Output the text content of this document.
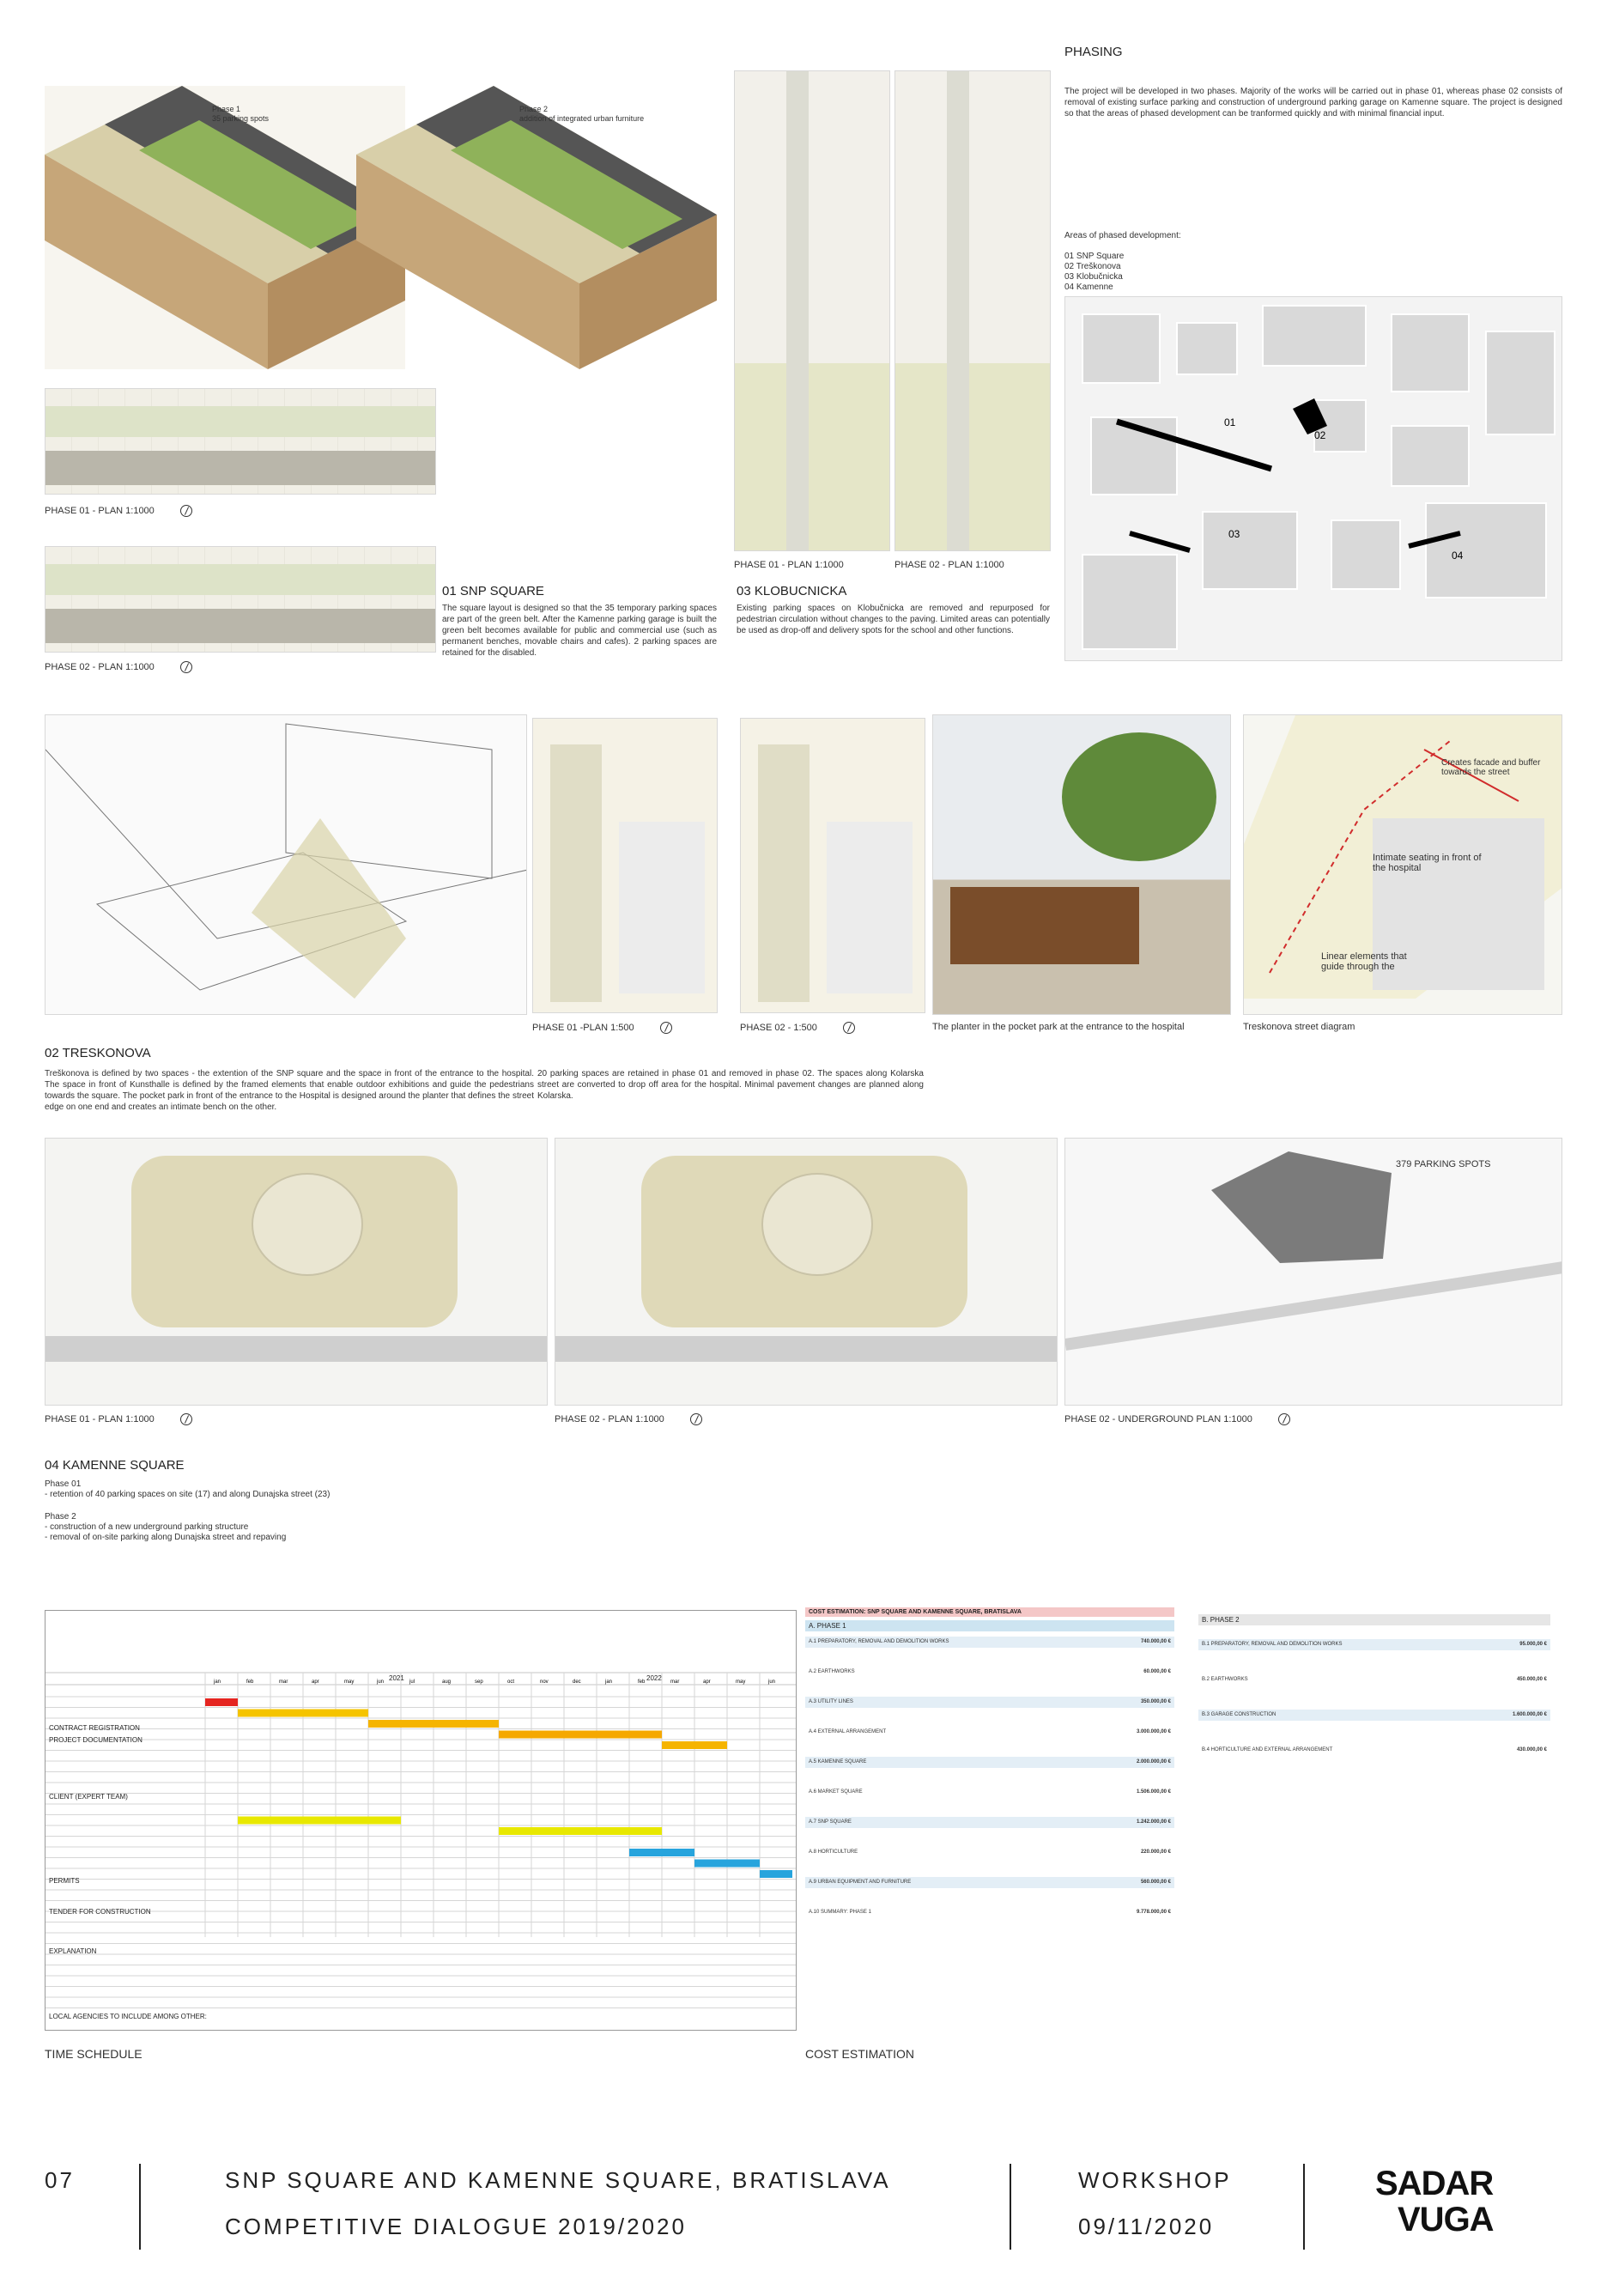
Phase 1
35 parking spots
Phase 2
addition of integrated urban furniture
PHASE 01 - PLAN 1:1000
PHASE 02 - PLAN 1:1000
01 SNP SQUARE
The square layout is designed so that the 35 temporary parking spaces are part of the green belt. After the Kamenne parking garage is built the green belt becomes available for public and commercial use (such as permanent benches, movable chairs and cafes). 2 parking spaces are retained for the disabled.
PHASE 01 - PLAN 1:1000	PHASE 02 - PLAN 1:1000
03 KLOBUCNICKA
Existing parking spaces on Klobučnicka are removed and repurposed for pedestrian circulation without changes to the paving. Limited areas can potentially be used as drop-off and delivery spots for the school and other functions.
PHASING
The project will be developed in two phases. Majority of the works will be carried out in phase 01, whereas phase 02 consists of removal of existing surface parking and construction of underground parking garage on Kamenne square. The project is designed so that the areas of phased development can be tranformed quickly and with minimal financial input.
Areas of phased development:
01 SNP Square
02 Treškonova
03 Klobučnicka
04 Kamenne
01
02
03
04
PHASE 01 -PLAN 1:500	PHASE 02 - 1:500	The planter in the pocket park at the entrance to the hospital
Intimate seating in front of the hospital
Linear elements that guide through the
Creates facade and buffer towards the street
Treskonova street diagram
02 TRESKONOVA
Treškonova is defined by two spaces - the extention of the SNP square and the space in front of the entrance to the hospital. The space in front of Kunsthalle is defined by the framed elements that enable outdoor exhibitions and guide the pedestrians towards the square. The pocket park in front of the entrance to the Hospital is designed around the planter that defines the street edge on one end and creates an intimate bench on the other.
20 parking spaces are retained in phase 01 and removed in phase 02. The spaces along Kolarska street are converted to drop off area for the hospital. Minimal pavement changes are planned along Kolarska.
PHASE 01 - PLAN 1:1000	PHASE 02 - PLAN 1:1000
379 PARKING SPOTS
PHASE 02 - UNDERGROUND PLAN 1:1000
04 KAMENNE SQUARE
Phase 01
- retention of 40 parking spaces on site (17) and along Dunajska street (23)
Phase 2
- construction of a new underground parking structure
- removal of on-site parking along Dunajska street and repaving
jan	feb	mar	apr	may	jun	jul	aug	sep	oct	nov	dec	jan	feb	mar	apr	may	jun
2021	2022
CONTRACT REGISTRATION
PROJECT DOCUMENTATION
CLIENT (EXPERT TEAM)
PERMITS
TENDER FOR CONSTRUCTION
EXPLANATION
LOCAL AGENCIES TO INCLUDE AMONG OTHER:
TIME SCHEDULE
COST ESTIMATION: SNP SQUARE AND KAMENNE SQUARE, BRATISLAVA
A. PHASE 1
A.1 PREPARATORY, REMOVAL AND DEMOLITION WORKS	740.000,00 €
A.2 EARTHWORKS	60.000,00 €
A.3 UTILITY LINES	350.000,00 €
A.4 EXTERNAL ARRANGEMENT	3.000.000,00 €
A.5 KAMENNE SQUARE	2.000.000,00 €
A.6 MARKET SQUARE	1.506.000,00 €
A.7 SNP SQUARE	1.242.000,00 €
A.8 HORTICULTURE	220.000,00 €
A.9 URBAN EQUIPMENT AND FURNITURE	560.000,00 €
A.10 SUMMARY: PHASE 1	9.778.000,00 €
COST ESTIMATION
B. PHASE 2
B.1 PREPARATORY, REMOVAL AND DEMOLITION WORKS	95.000,00 €
B.2 EARTHWORKS	450.000,00 €
B.3 GARAGE CONSTRUCTION	1.600.000,00 €
B.4 HORTICULTURE AND EXTERNAL ARRANGEMENT	430.000,00 €
07	SNP SQUARE AND KAMENNE SQUARE, BRATISLAVA
COMPETITIVE DIALOGUE 2019/2020
WORKSHOP
09/11/2020
SADAR
VUGA
